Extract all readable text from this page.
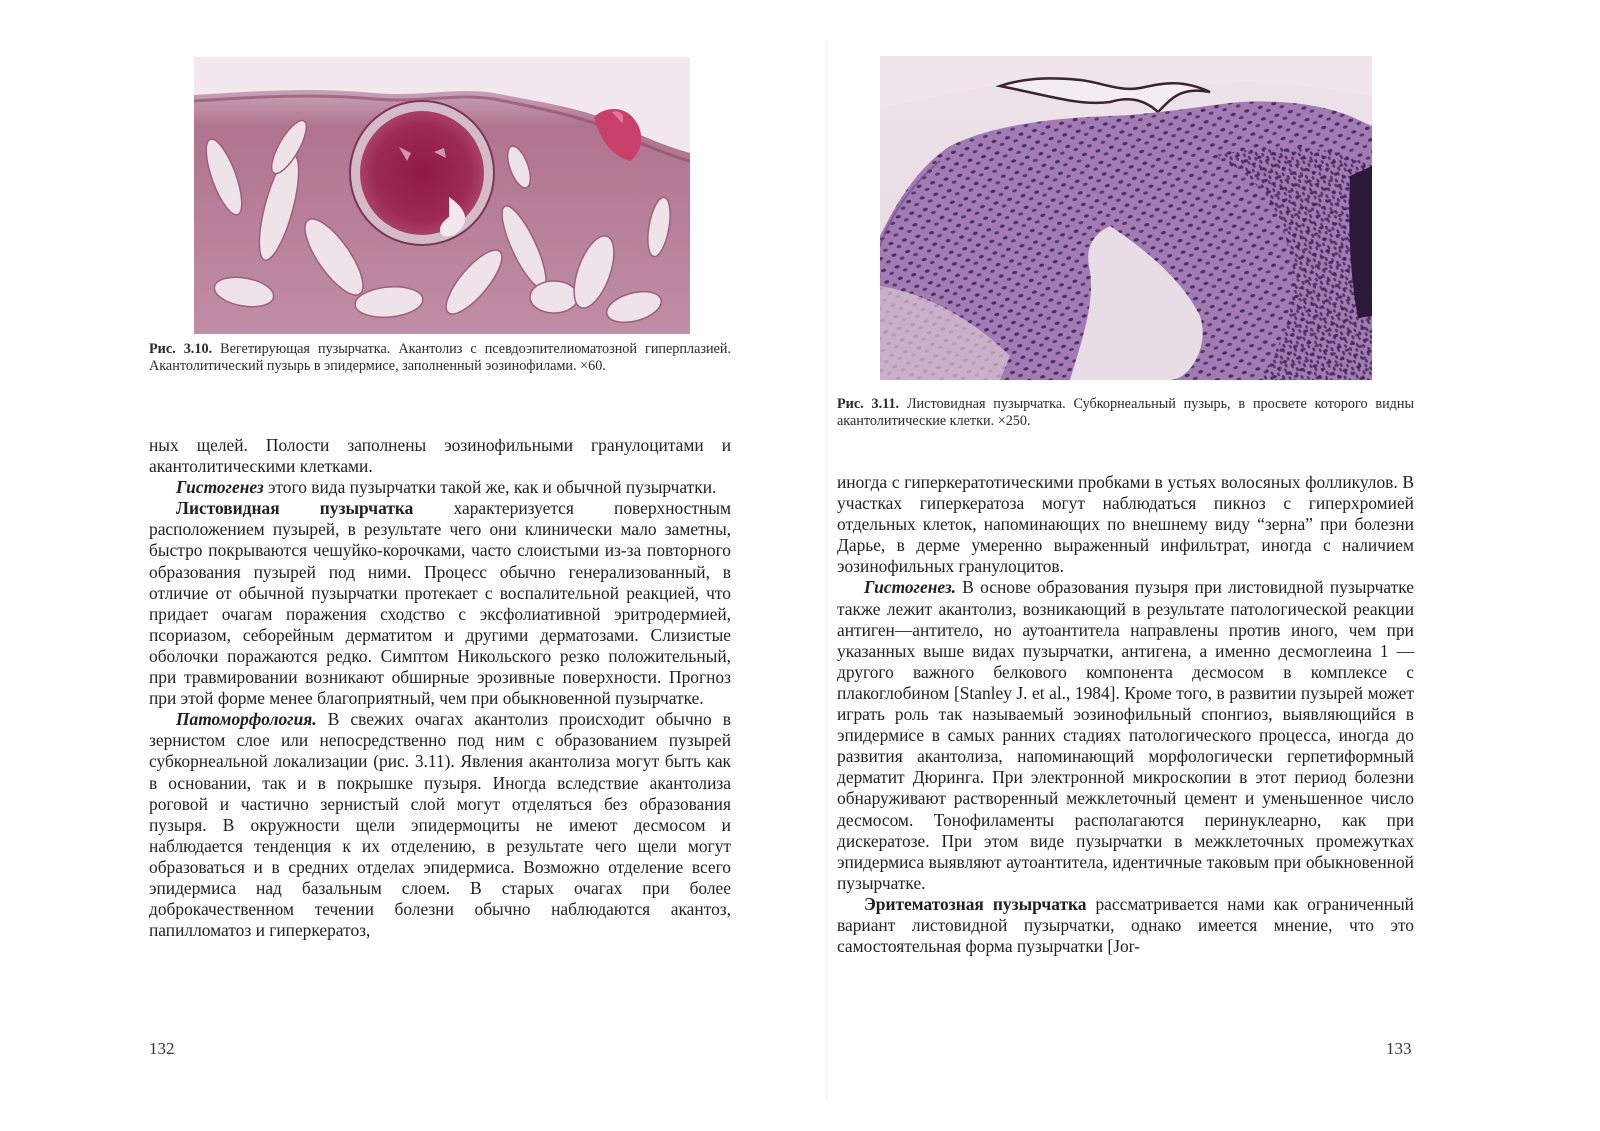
Рис. 3.10. Вегетирующая пузырчатка. Акантолиз с псевдоэпителиоматозной гиперплазией. Акантолитический пузырь в эпидермисе, заполненный эозинофилами. ×60.

ных щелей. Полости заполнены эозинофильными гранулоцитами и акантолитическими клетками.

Гистогенез этого вида пузырчатки такой же, как и обычной пузырчатки.

Листовидная пузырчатка характеризуется поверхностным расположением пузырей, в результате чего они клинически мало заметны, быстро покрываются чешуйко-корочками, часто слоистыми из-за повторного образования пузырей под ними. Процесс обычно генерализованный, в отличие от обычной пузырчатки протекает с воспалительной реакцией, что придает очагам поражения сходство с эксфолиативной эритродермией, псориазом, себорейным дерматитом и другими дерматозами. Слизистые оболочки поражаются редко. Симптом Никольского резко положительный, при травмировании возникают обширные эрозивные поверхности. Прогноз при этой форме менее благоприятный, чем при обыкновенной пузырчатке.

Патоморфология. В свежих очагах акантолиз происходит обычно в зернистом слое или непосредственно под ним с образованием пузырей субкорнеальной локализации (рис. 3.11). Явления акантолиза могут быть как в основании, так и в покрышке пузыря. Иногда вследствие акантолиза роговой и частично зернистый слой могут отделяться без образования пузыря. В окружности щели эпидермоциты не имеют десмосом и наблюдается тенденция к их отделению, в результате чего щели могут образоваться и в средних отделах эпидермиса. Возможно отделение всего эпидермиса над базальным слоем. В старых очагах при более доброкачественном течении болезни обычно наблюдаются акантоз, папилломатоз и гиперкератоз,

132
Рис. 3.11. Листовидная пузырчатка. Субкорнеальный пузырь, в просвете которого видны акантолитические клетки. ×250.

иногда с гиперкератотическими пробками в устьях волосяных фолликулов. В участках гиперкератоза могут наблюдаться пикноз с гиперхромией отдельных клеток, напоминающих по внешнему виду “зерна” при болезни Дарье, в дерме умеренно выраженный инфильтрат, иногда с наличием эозинофильных гранулоцитов.

Гистогенез. В основе образования пузыря при листовидной пузырчатке также лежит акантолиз, возникающий в результате патологической реакции антиген—антитело, но аутоантитела направлены против иного, чем при указанных выше видах пузырчатки, антигена, а именно десмоглеина 1 — другого важного белкового компонента десмосом в комплексе с плакоглобином [Stanley J. et al., 1984]. Кроме того, в развитии пузырей может играть роль так называемый эозинофильный спонгиоз, выявляющийся в эпидермисе в самых ранних стадиях патологического процесса, иногда до развития акантолиза, напоминающий морфологически герпетиформный дерматит Дюринга. При электронной микроскопии в этот период болезни обнаруживают растворенный межклеточный цемент и уменьшенное число десмосом. Тонофиламенты располагаются перинуклеарно, как при дискератозе. При этом виде пузырчатки в межклеточных промежутках эпидермиса выявляют аутоантитела, идентичные таковым при обыкновенной пузырчатке.

Эритематозная пузырчатка рассматривается нами как ограниченный вариант листовидной пузырчатки, однако имеется мнение, что это самостоятельная форма пузырчатки [Jor-

133
